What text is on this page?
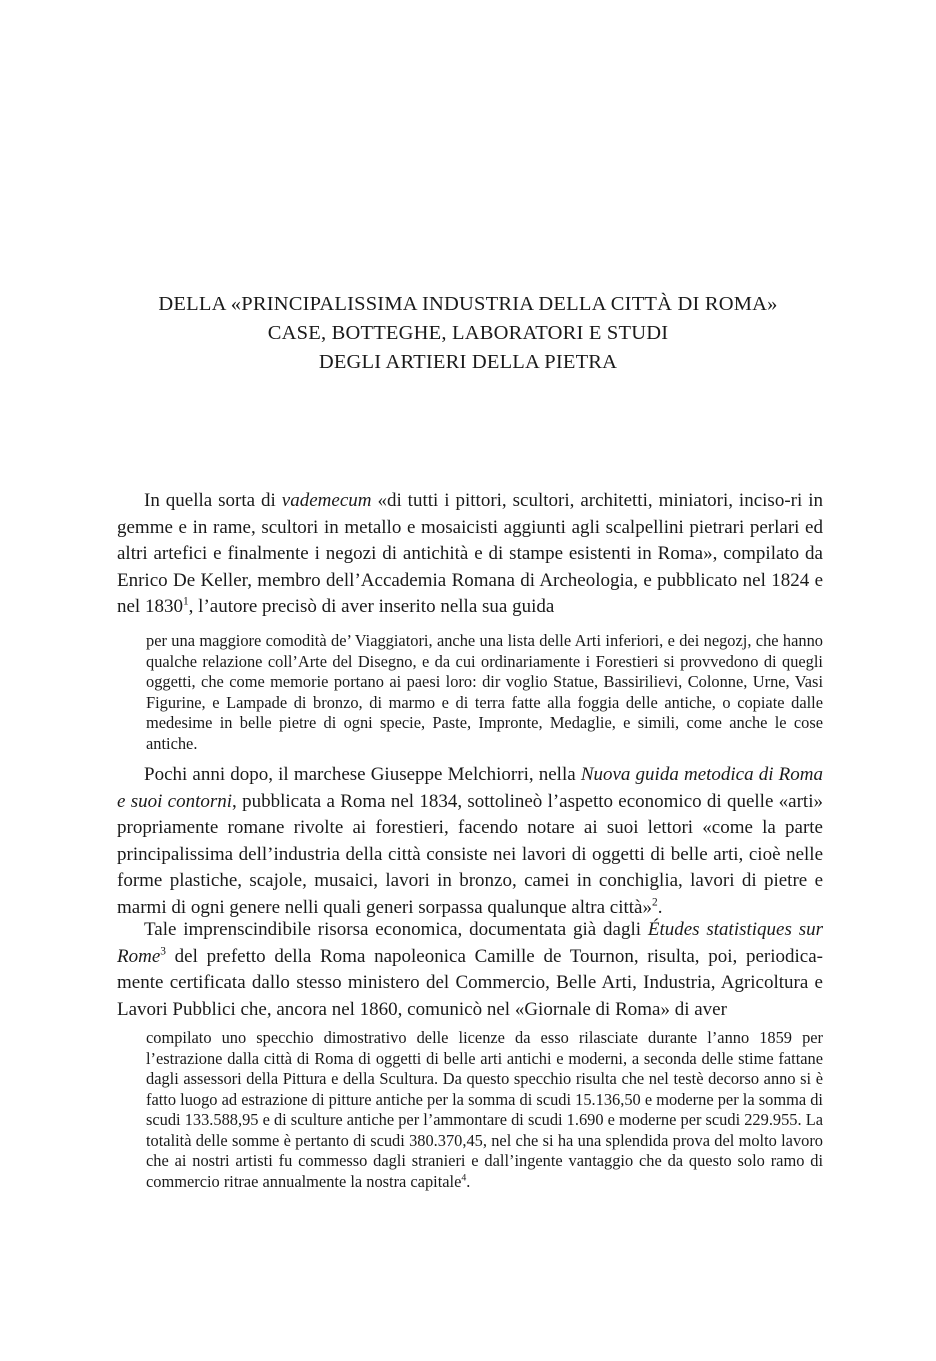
DELLA «PRINCIPALISSIMA INDUSTRIA DELLA CITTÀ DI ROMA»
CASE, BOTTEGHE, LABORATORI E STUDI
DEGLI ARTIERI DELLA PIETRA

In quella sorta di vademecum «di tutti i pittori, scultori, architetti, miniatori, inciso-ri in gemme e in rame, scultori in metallo e mosaicisti aggiunti agli scalpellini pietrari perlari ed altri artefici e finalmente i negozi di antichità e di stampe esistenti in Roma», compilato da Enrico De Keller, membro dell’Accademia Romana di Archeologia, e pubblicato nel 1824 e nel 1830$^1$, l’autore precisò di aver inserito nella sua guida

per una maggiore comodità de’ Viaggiatori, anche una lista delle Arti inferiori, e dei negozj, che hanno qualche relazione coll’Arte del Disegno, e da cui ordinariamente i Forestieri si provvedono di quegli oggetti, che come memorie portano ai paesi loro: dir voglio Statue, Bassirilievi, Colonne, Urne, Vasi Figurine, e Lampade di bronzo, di marmo e di terra fatte alla foggia delle antiche, o copiate dalle medesime in belle pietre di ogni specie, Paste, Impronte, Medaglie, e simili, come anche le cose antiche.

Pochi anni dopo, il marchese Giuseppe Melchiorri, nella Nuova guida metodica di Roma e suoi contorni, pubblicata a Roma nel 1834, sottolineò l’aspetto economico di quelle «arti» propriamente romane rivolte ai forestieri, facendo notare ai suoi lettori «come la parte principalissima dell’industria della città consiste nei lavori di oggetti di belle arti, cioè nelle forme plastiche, scajole, musaici, lavori in bronzo, camei in conchiglia, lavori di pietre e marmi di ogni genere nelli quali generi sorpassa qualunque altra città»$^2$.

Tale imprenscindibile risorsa economica, documentata già dagli Études statistiques sur Rome$^3$ del prefetto della Roma napoleonica Camille de Tournon, risulta, poi, periodica-mente certificata dallo stesso ministero del Commercio, Belle Arti, Industria, Agricoltura e Lavori Pubblici che, ancora nel 1860, comunicò nel «Giornale di Roma» di aver

compilato uno specchio dimostrativo delle licenze da esso rilasciate durante l’anno 1859 per l’estrazione dalla città di Roma di oggetti di belle arti antichi e moderni, a seconda delle stime fattane dagli assessori della Pittura e della Scultura. Da questo specchio risulta che nel testè decorso anno si è fatto luogo ad estrazione di pitture antiche per la somma di scudi 15.136,50 e moderne per la somma di scudi 133.588,95 e di sculture antiche per l’ammontare di scudi 1.690 e moderne per scudi 229.955. La totalità delle somme è pertanto di scudi 380.370,45, nel che si ha una splendida prova del molto lavoro che ai nostri artisti fu commesso dagli stranieri e dall’ingente vantaggio che da questo solo ramo di commercio ritrae annualmente la nostra capitale$^4$.
